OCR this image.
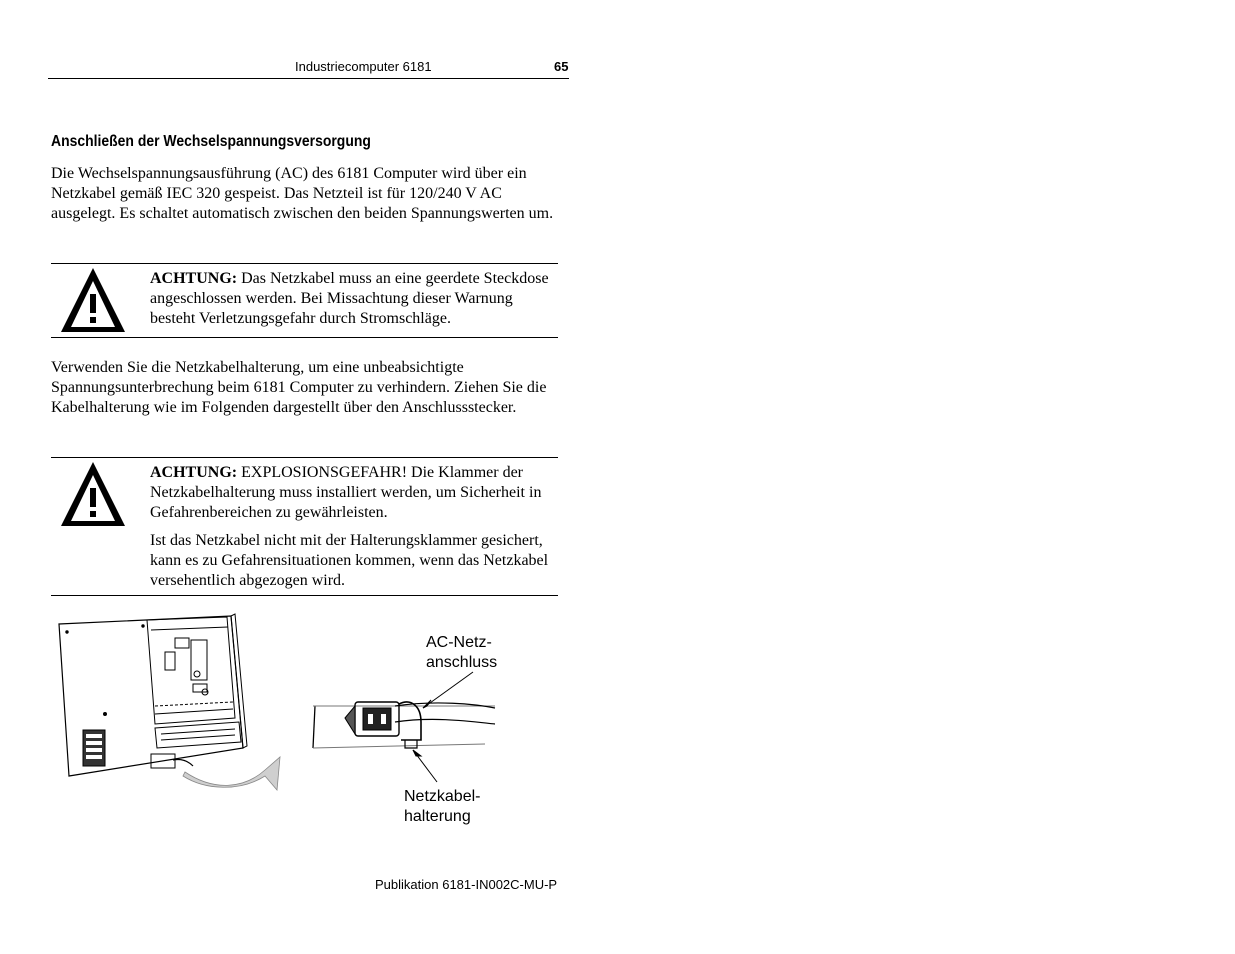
Industriecomputer 6181	65
Anschließen der Wechselspannungsversorgung

Die Wechselspannungsausführung (AC) des 6181 Computer wird über ein Netzkabel gemäß IEC 320 gespeist. Das Netzteil ist für 120/240 V AC ausgelegt. Es schaltet automatisch zwischen den beiden Spannungswerten um.

ACHTUNG: Das Netzkabel muss an eine geerdete Steckdose angeschlossen werden. Bei Missachtung dieser Warnung besteht Verletzungsgefahr durch Stromschläge.

Verwenden Sie die Netzkabelhalterung, um eine unbeabsichtigte Spannungsunterbrechung beim 6181 Computer zu verhindern. Ziehen Sie die Kabelhalterung wie im Folgenden dargestellt über den Anschlussstecker.

ACHTUNG: EXPLOSIONSGEFAHR! Die Klammer der Netzkabelhalterung muss installiert werden, um Sicherheit in Gefahrenbereichen zu gewährleisten.

Ist das Netzkabel nicht mit der Halterungsklammer gesichert, kann es zu Gefahrensituationen kommen, wenn das Netzkabel versehentlich abgezogen wird.

AC-Netz-
anschluss

Netzkabel-
halterung

Publikation 6181-IN002C-MU-P
